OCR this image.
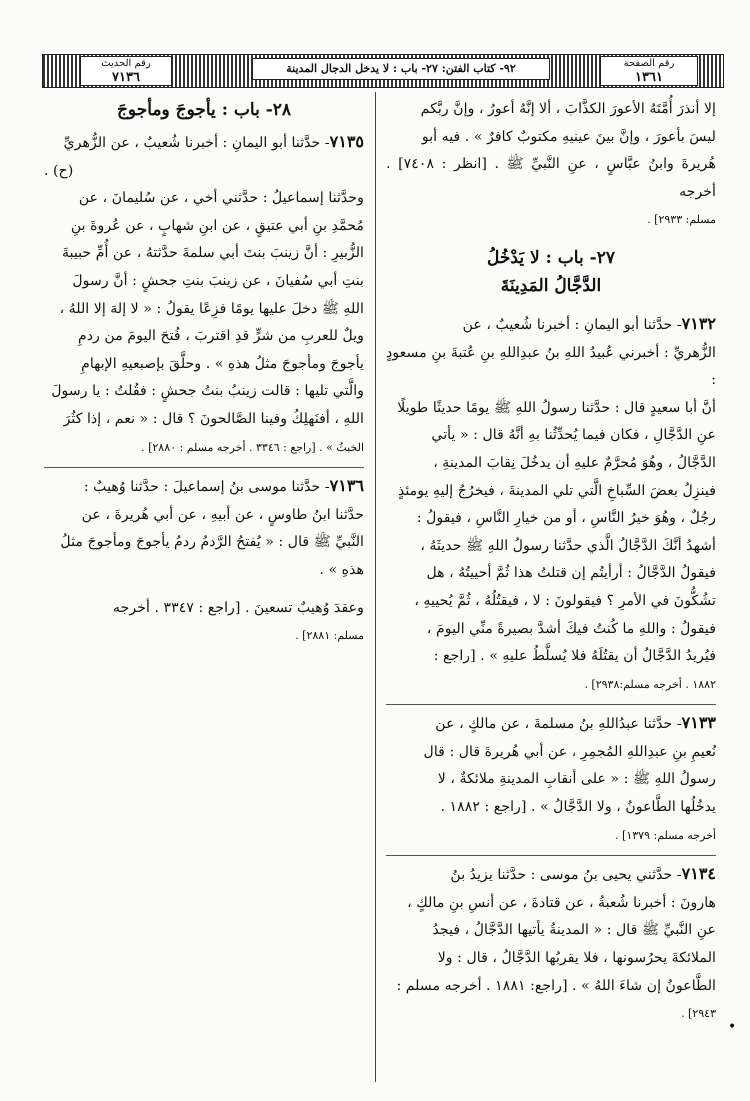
رقم الصفحة
١٣٦١
٩٢- كتاب الفتن: ٢٧- باب : لا يدخل الدجال المدينة
رقم الحديث
٧١٣٦

إلا أنذرَ أُمَّتَهُ الأعورَ الكذَّابَ ، ألا إنَّهُ أعورُ ، وإنَّ ربَّكم

ليسَ بأعورَ ، وإنَّ بينَ عينيهِ مكتوبٌ كافرٌ » . فيه أبو

هُريرةَ وابنُ عبَّاسٍ ، عنِ النَّبيِّ ﷺ . [انظر : ٧٤٠٨] . أخرجه

مسلم: ٢٩٣٣] .

٢٧- باب : لا يَدْخُلُ

الدَّجَّالُ المَدِينَةَ

٧١٣٢- حدَّثنا أبو اليمانِ : أخبرنا شُعيبٌ ، عن

الزُّهريِّ : أخبرني عُبيدُ اللهِ بنُ عبدِاللهِ بنِ عُتبةَ بنِ مسعودٍ :

أنَّ أبا سعيدٍ قال : حدَّثنا رسولُ اللهِ ﷺ يومًا حديثًا طويلًا

عنِ الدَّجَّالِ ، فكان فيما يُحدِّثُنا بهِ أنَّهُ قال : « يأتي

الدَّجَّالُ ، وهُوَ مُحرَّمٌ عليهِ أن يدخُلَ نِقابَ المدينةِ ،

فينزِلُ بعضَ السِّباخِ الَّتي تلي المدينةَ ، فيخرُجُ إليهِ يومئذٍ

رجُلٌ ، وهُوَ خيرُ النَّاسِ ، أو من خيارِ النَّاسِ ، فيقولُ :

أشهدُ أنَّكَ الدَّجَّالُ الَّذي حدَّثنا رسولُ اللهِ ﷺ حديثَهُ ،

فيقولُ الدَّجَّالُ : أرأيتُم إن قتلتُ هذا ثُمَّ أحييتُهُ ، هل

تشُكُّونَ في الأمرِ ؟ فيقولونَ : لا ، فيقتُلُهُ ، ثُمَّ يُحييهِ ،

فيقولُ : واللهِ ما كُنتُ فيكَ أشدَّ بصيرةً منِّي اليومَ ،

فيُريدُ الدَّجَّالُ أن يقتُلَهُ فلا يُسلَّطُ عليهِ » . [راجع :

١٨٨٢ . أخرجه مسلم:٢٩٣٨] .

٧١٣٣- حدَّثنا عبدُاللهِ بنُ مسلمةَ ، عن مالكٍ ، عن

نُعيمِ بنِ عبدِاللهِ المُجمِرِ ، عن أبي هُريرةَ قال : قال

رسولُ اللهِ ﷺ : « على أنقابِ المدينةِ ملائكةٌ ، لا

يدخُلُها الطَّاعونُ ، ولا الدَّجَّالُ » . [راجع : ١٨٨٢ .

أخرجه مسلم: ١٣٧٩] .

٧١٣٤- حدَّثني يحيى بنُ موسى : حدَّثنا يزيدُ بنُ

هارونَ : أخبرنا شُعبةُ ، عن قتادةَ ، عن أنسِ بنِ مالكٍ ،

عنِ النَّبيِّ ﷺ قال : « المدينةُ يأتيها الدَّجَّالُ ، فيجدُ

الملائكةَ يحرُسونها ، فلا يقربُها الدَّجَّالُ ، قال : ولا

الطَّاعونُ إن شاءَ اللهُ » . [راجع: ١٨٨١ . أخرجه مسلم :

٢٩٤٣] .

٢٨- باب : يأجوجَ ومأجوجَ

٧١٣٥- حدَّثنا أبو اليمانِ : أخبرنا شُعيبٌ ، عن الزُّهريِّ

(ح) .

وحدَّثنا إسماعيلُ : حدَّثني أخي ، عن سُليمانَ ، عن

مُحمَّدِ بنِ أبي عتيقٍ ، عن ابنِ شهابٍ ، عن عُروةَ بنِ

الزُّبيرِ : أنَّ زينبَ بنتَ أبي سلمةَ حدَّثتهُ ، عن أُمِّ حبيبةَ

بنتِ أبي سُفيانَ ، عن زينبَ بنتِ جحشٍ : أنَّ رسولَ

اللهِ ﷺ دخلَ عليها يومًا فزِعًا يقولُ : « لا إلهَ إلا اللهُ ،

ويلٌ للعربِ من شرٍّ قدِ اقتربَ ، فُتحَ اليومَ من ردمِ

يأجوجَ ومأجوجَ مثلُ هذهِ » . وحلَّقَ بإصبعيهِ الإبهامِ

والَّتي تليها : قالت زينبُ بنتُ جحشٍ : فقُلتُ : يا رسولَ

اللهِ ، أفنَهلِكُ وفينا الصَّالحونَ ؟ قال : « نعم ، إذا كثُرَ

الخبثُ » . [راجع : ٣٣٤٦ . أخرجه مسلم : ٢٨٨٠] .

٧١٣٦- حدَّثنا موسى بنُ إسماعيلَ : حدَّثنا وُهيبٌ :

حدَّثنا ابنُ طاوسٍ ، عن أبيهِ ، عن أبي هُريرةَ ، عن

النَّبيِّ ﷺ قال : « يُفتحُ الرَّدمُ ردمُ يأجوجَ ومأجوجَ مثلُ

هذهِ » .

وعقدَ وُهيبٌ تسعينَ . [راجع : ٣٣٤٧ . أخرجه

مسلم: ٢٨٨١] .

•
